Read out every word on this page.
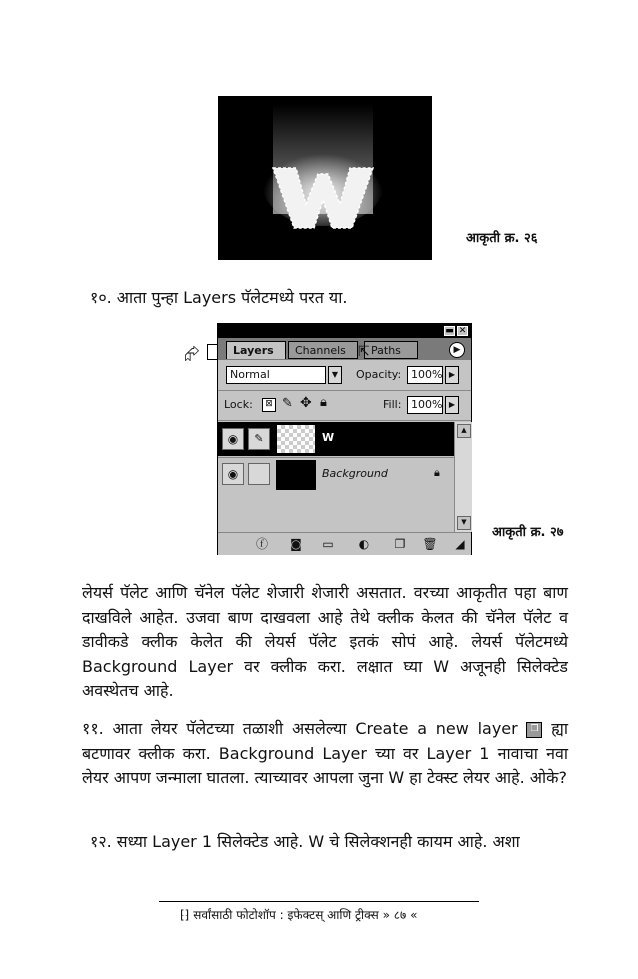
W
आकृती क्र. २६
१०. आता पुन्हा Layers पॅलेटमध्ये परत या.
⮳
▬ ✕
Layers	Channels	Paths
⇱	▶
Normal	▼	Opacity: 100% ▶
Lock:	⊠ ✎ ✥ 🔒︎	Fill: 100% ▶
◉	✎	W
◉	Background	🔒︎
▲
▼
ⓕ ◙ ▭ ◐ ❐ 🗑︎ ◢
आकृती क्र. २७
लेयर्स पॅलेट आणि चॅनेल पॅलेट शेजारी शेजारी असतात. वरच्या आकृतीत पहा बाण दाखविले आहेत. उजवा बाण दाखवला आहे तेथे क्लीक केलत की चॅनेल पॅलेट व डावीकडे क्लीक केलेत की लेयर्स पॅलेट इतकं सोपं आहे. लेयर्स पॅलेटमध्ये Background Layer वर क्लीक करा. लक्षात घ्या W अजूनही सिलेक्टेड अवस्थेतच आहे.
११. आता लेयर पॅलेटच्या तळाशी असलेल्या Create a new layer ❐ ह्या बटणावर क्लीक करा. Background Layer च्या वर Layer 1 नावाचा नवा लेयर आपण जन्माला घातला. त्याच्यावर आपला जुना W हा टेक्स्ट लेयर आहे. ओके?
१२. सध्या Layer 1 सिलेक्टेड आहे. W चे सिलेक्शनही कायम आहे. अशा
⁅⁆ सर्वांसाठी फोटोशॉप : इफेक्टस् आणि ट्रीक्स » ८७ «
